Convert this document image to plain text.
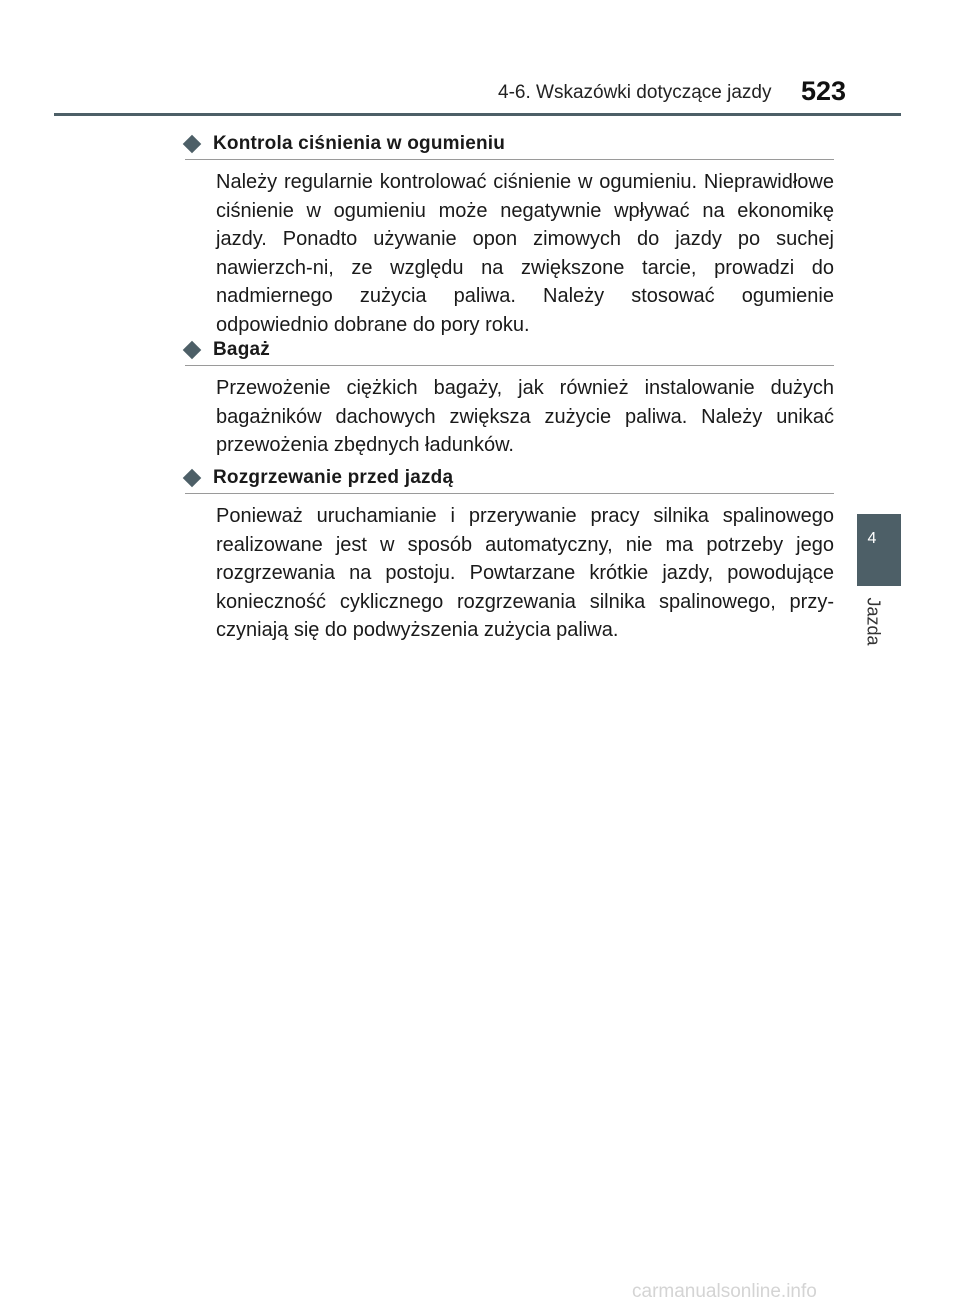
4-6. Wskazówki dotyczące jazdy 523
4
Jazda
Kontrola ciśnienia w ogumieniu

Należy regularnie kontrolować ciśnienie w ogumieniu. Nieprawidłowe ciśnienie w ogumieniu może negatywnie wpływać na ekonomikę jazdy. Ponadto używanie opon zimowych do jazdy po suchej nawierzch-ni, ze względu na zwiększone tarcie, prowadzi do nadmiernego zużycia paliwa. Należy stosować ogumienie odpowiednio dobrane do pory roku.

Bagaż

Przewożenie ciężkich bagaży, jak również instalowanie dużych bagażników dachowych zwiększa zużycie paliwa. Należy unikać przewożenia zbędnych ładunków.

Rozgrzewanie przed jazdą

Ponieważ uruchamianie i przerywanie pracy silnika spalinowego realizowane jest w sposób automatyczny, nie ma potrzeby jego rozgrzewania na postoju. Powtarzane krótkie jazdy, powodujące konieczność cyklicznego rozgrzewania silnika spalinowego, przy-czyniają się do podwyższenia zużycia paliwa.

carmanualsonline.info
